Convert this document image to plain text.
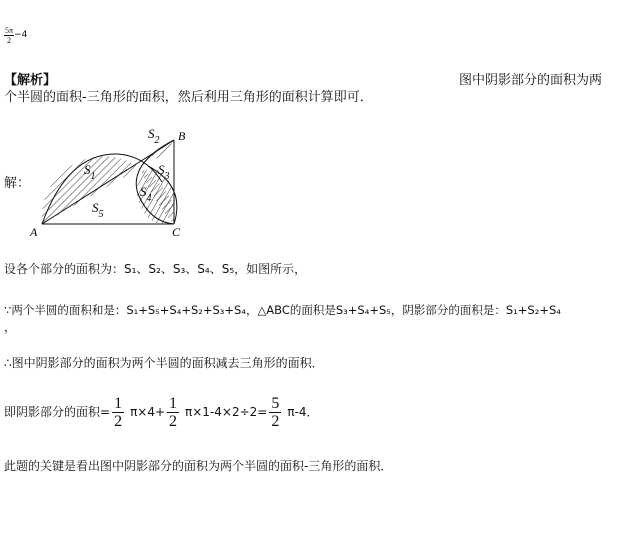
$\frac{5\pi}{2} -4$
【解析】	图中阴影部分的面积为两
个半圆的面积-三角形的面积，然后利用三角形的面积计算即可．
解：
A
B
C
$S_1$
$S_2$
$S_3$
$S_4$
$S_5$
设各个部分的面积为：S₁、S₂、S₃、S₄、S₅，如图所示，
∵两个半圆的面积和是：S₁+S₅+S₄+S₂+S₃+S₄，△ABC的面积是S₃+S₄+S₅，阴影部分的面积是：S₁+S₂+S₄
，
∴图中阴影部分的面积为两个半圆的面积减去三角形的面积．
即阴影部分的面积= $\frac{1}{2} \pi\times 4+ \frac{1}{2} \pi\times 1-4\times 2\div 2= \frac{5}{2} \pi-4$．
此题的关键是看出图中阴影部分的面积为两个半圆的面积-三角形的面积．
